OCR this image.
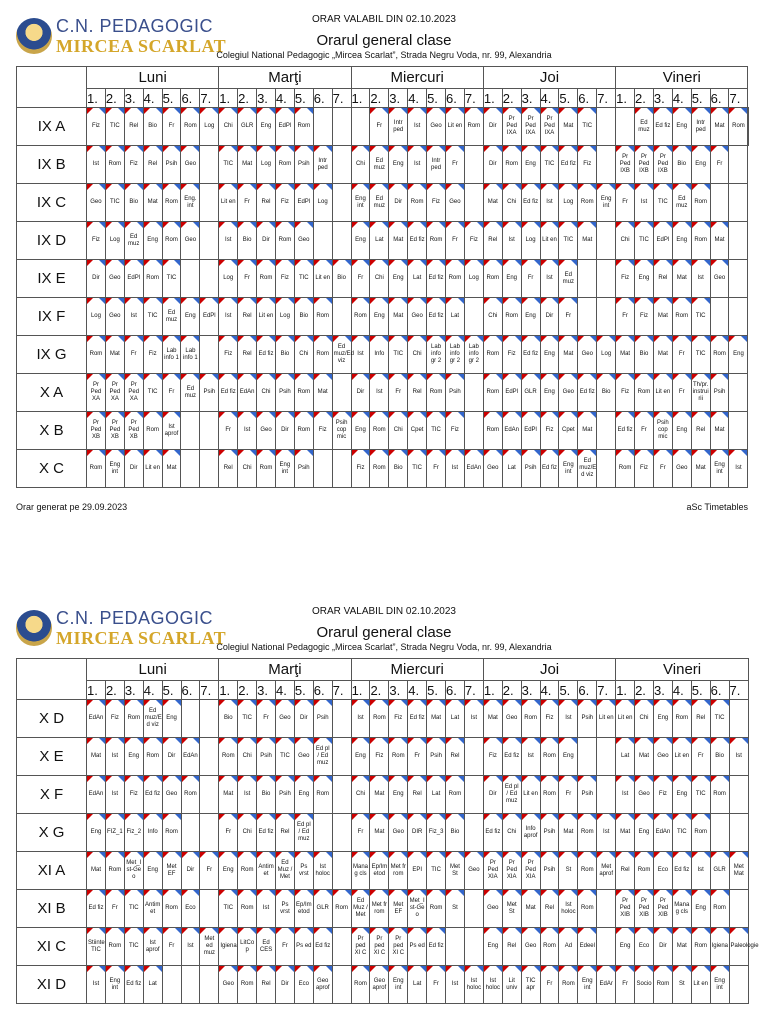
C.N. PEDAGOGIC
MIRCEA SCARLAT
ORAR VALABIL DIN 02.10.2023
Orarul general clase
Colegiul National Pedagogic „Mircea Scarlat”, Strada Negru Voda, nr. 99, Alexandria
	Luni							Marţi							Miercuri							Joi							Vineri							
	1.	2.	3.	4.	5.	6.	7.	1.	2.	3.	4.	5.	6.	7.	1.	2.	3.	4.	5.	6.	7.	1.	2.	3.	4.	5.	6.	7.	1.	2.	3.	4.	5.	6.	7.	
IX A	Fiz	TIC	Rel	Bio	Fr	Rom	Log	Chi	GLR	Eng	EdPl	Rom				Fr	Intr ped	Ist	Geo	Lit en	Rom	Dir	Pr Ped IXA	Pr Ped IXA	Pr Ped IXA	Mat	TIC			Ed muz	Ed fiz	Eng	Intr ped	Mat	Rom

IX B	Ist	Rom	Fiz	Rel	Psih	Geo		TIC	Mat	Log	Rom	Psih	Intr ped		Chi	Ed muz	Eng	Ist	Intr ped	Fr		Dir	Rom	Eng	TIC	Ed fiz	Fiz		Pr Ped IXB	Pr Ped IXB	Pr Ped IXB	Bio	Eng	Fr		

IX C	Geo	TIC	Bio	Mat	Rom	Eng. int		Lit en	Fr	Rel	Fiz	EdPl	Log		Eng int	Ed muz	Dir	Rom	Fiz	Geo		Mat	Chi	Ed fiz	Ist	Log	Rom	Eng int	Fr	Ist	TIC	Ed muz	Rom			

IX D	Fiz	Log	Ed muz	Eng	Rom	Geo		Ist	Bio	Dir	Rom	Geo			Eng	Lat	Mat	Ed fiz	Rom	Fr	Fiz	Rel	Ist	Log	Lit en	TIC	Mat		Chi	TIC	EdPl	Eng	Rom	Mat		

IX E	Dir	Geo	EdPl	Rom	TIC			Log	Fr	Rom	Fiz	TIC	Lit en	Bio	Fr	Chi	Eng	Lat	Ed fiz	Rom	Log	Rom	Eng	Fr	Ist	Ed muz			Fiz	Eng	Rel	Mat	Ist	Geo		

IX F	Log	Geo	Ist	TIC	Ed muz	Eng	EdPl	Ist	Rel	Lit en	Log	Bio	Rom		Rom	Eng	Mat	Geo	Ed fiz	Lat		Chi	Rom	Eng	Dir	Fr			Fr	Fiz	Mat	Rom	TIC			

IX G	Rom	Mat	Fr	Fiz	Lab info 1	Lab info 1		Fiz	Rel	Ed fiz	Bio	Chi	Rom	Ed muz/Ed viz	Ist	Info	TIC	Chi	Lab info gr 2	Lab info gr 2	Lab info gr 2	Rom	Fiz	Ed fiz	Eng	Mat	Geo	Log	Mat	Bio	Mat	Fr	TIC	Rom	Eng	

X A	Pr Ped XA	Pr Ped XA	Pr Ped XA	TIC	Fr	Ed muz	Psih	Ed fiz	EdAn	Chi	Psih	Rom	Mat		Dir	Ist	Fr	Rel	Rom	Psih		Rom	EdPl	GLR	Eng	Geo	Ed fiz	Bio	Fiz	Rom	Lit en	Fr	Th/pr. instrui rii	Psih		

X B	Pr Ped XB	Pr Ped XB	Pr Ped XB	Rom	Ist aprof			Fr	Ist	Geo	Dir	Rom	Fiz	Psih cop mic	Eng	Rom	Chi	Cpet	TIC	Fiz		Rom	EdAn	EdPl	Fiz	Cpet	Mat		Ed fiz	Fr	Psih cop mic	Eng	Rel	Mat		

X C	Rom	Eng int	Dir	Lit en	Mat			Rel	Chi	Rom	Eng int	Psih			Fiz	Rom	Bio	TIC	Fr	Ist	EdAn	Geo	Lat	Psih	Ed fiz	Eng int	Ed muz/E d viz		Rom	Fiz	Fr	Geo	Mat	Eng int	Ist	
Orar generat pe 29.09.2023	aSc Timetables
C.N. PEDAGOGIC
MIRCEA SCARLAT
ORAR VALABIL DIN 02.10.2023
Orarul general clase
Colegiul National Pedagogic „Mircea Scarlat”, Strada Negru Voda, nr. 99, Alexandria
	Luni							Marţi							Miercuri							Joi							Vineri						
	1.	2.	3.	4.	5.	6.	7.	1.	2.	3.	4.	5.	6.	7.	1.	2.	3.	4.	5.	6.	7.	1.	2.	3.	4.	5.	6.	7.	1.	2.	3.	4.	5.	6.	7.
X D	EdAn	Fiz	Rom	Ed muz/E d viz	Eng			Bio	TIC	Fr	Geo	Dir	Psih		Ist	Rom	Fiz	Ed fiz	Mat	Lat	Ist	Mat	Geo	Rom	Fiz	Ist	Psih	Lit en	Lit en	Chi	Eng	Rom	Rel	TIC	

X E	Mat	Ist	Eng	Rom	Dir	EdAn		Rom	Chi	Psih	TIC	Geo	Ed pl / Ed muz		Eng	Fiz	Rom	Fr	Psih	Rel		Fiz	Ed fiz	Ist	Rom	Eng			Lat	Mat	Geo	Lit en	Fr	Bio	Ist

X F	EdAn	Ist	Fiz	Ed fiz	Geo	Rom		Mat	Ist	Bio	Psih	Eng	Rom		Chi	Mat	Eng	Rel	Lat	Rom		Dir	Ed pl / Ed muz	Lit en	Rom	Fr	Psih		Ist	Geo	Fiz	Eng	TIC	Rom	

X G	Eng	FIZ_1	Fiz_2	Info	Rom			Fr	Chi	Ed fiz	Rel	Ed pl / Ed muz			Fr	Mat	Geo	DIR	Fiz_3	Bio		Ed fiz	Chi	Info aprof	Psih	Mat	Rom	Ist	Mat	Eng	EdAn	TIC	Rom		

XI A	Mat	Rom	Met_I st-Ge o	Eng	Met EF	Dir	Fr	Eng	Rom	Antim et	Ed Muz / Met	Ps vrst	Ist holoc		Mana g cls	Ep/Im etod	Met fr rom	EPI	TIC	Met St	Geo	Pr Ped XIA	Pr Ped XIA	Pr Ped XIA	Psih	St	Rom	Met aprof	Rel	Rom	Eco	Ed fiz	Ist	GLR	Met Mat

XI B	Ed fiz	Fr	TIC	Antim et	Rom	Eco		TIC	Rom	Ist	Ps vrst	Ep/Im etod	GLR	Rom	Ed Muz / Met	Met fr rom	Met EF	Met_I st-Ge o	Rom	St		Geo	Met St	Mat	Rel	Ist holoc	Rom		Pr Ped XIB	Pr Ped XIB	Pr Ped XIB	Mana g cls	Eng	Rom	

XI C	Stiinte TIC	Rom	TIC	Ist aprof	Fr	Ist	Met ed muz	Igiena	LitCo p	Ed CES	Fr	Ps ed	Ed fiz		Pr ped XI C	Pr ped XI C	Pr ped XI C	Ps ed	Ed fiz			Eng	Rel	Geo	Rom	Ad	Edeel		Eng	Eco	Dir	Mat	Rom	Igiena	Paleologie

XI D	Ist	Eng int	Ed fiz	Lat				Geo	Rom	Rel	Dir	Eco	Geo aprof		Rom	Geo aprof	Eng int	Lat	Fr	Ist	Ist holoc	Ist holoc	Lit univ	TIC apr	Fr	Rom	Eng int	EdAr	Fr	Socio	Rom	St	Lit en	Eng int	
